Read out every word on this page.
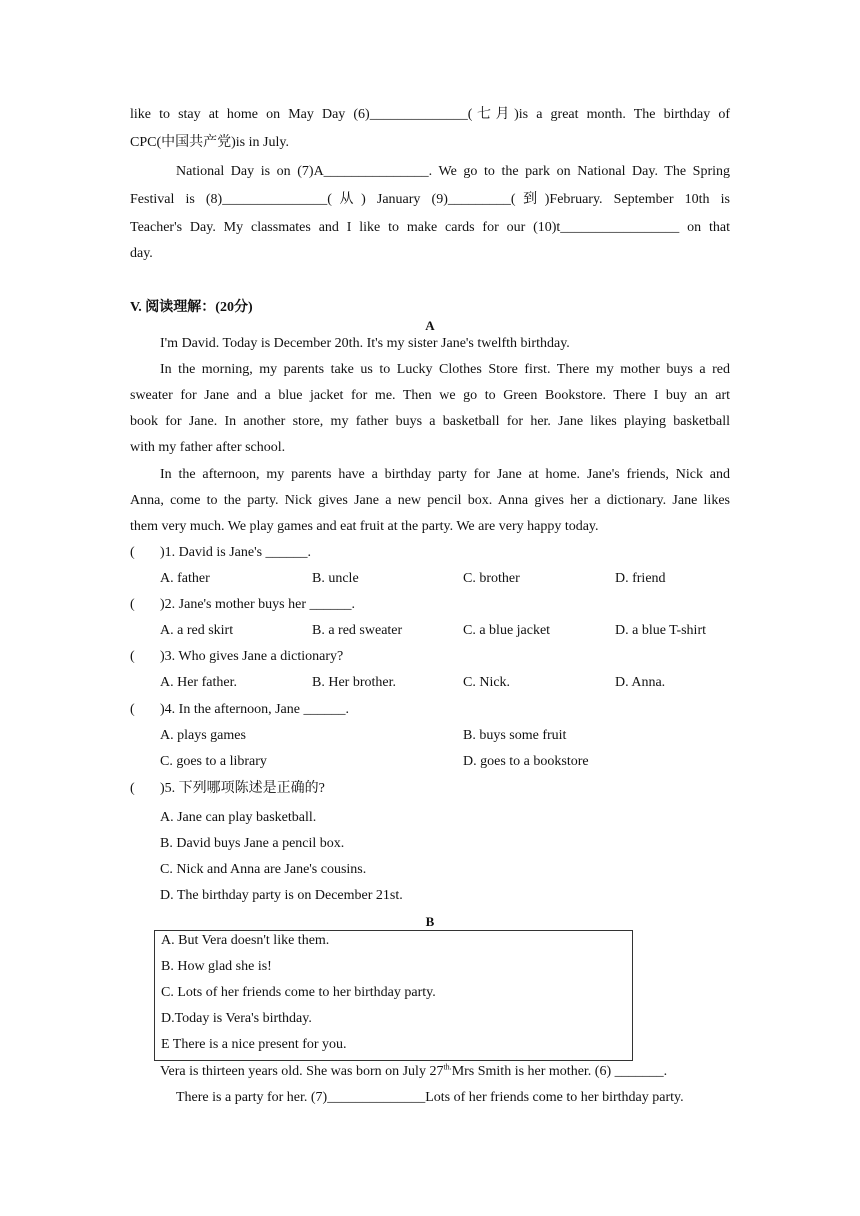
like to stay at home on May Day (6)______________(七月)is a great month. The birthday of
CPC(中国共产党)is in July.
National Day is on (7)A_______________. We go to the park on National Day. The Spring
Festival is (8)_______________(从) January (9)_________(到)February. September 10th is
Teacher's Day. My classmates and I like to make cards for our (10)t_________________ on that
day.
V. 阅读理解：(20分)
A
I'm David. Today is December 20th. It's my sister Jane's twelfth birthday.
In the morning, my parents take us to Lucky Clothes Store first. There my mother buys a red
sweater for Jane and a blue jacket for me. Then we go to Green Bookstore. There I buy an art
book for Jane. In another store, my father buys a basketball for her. Jane likes playing basketball
with my father after school.
In the afternoon, my parents have a birthday party for Jane at home. Jane's friends, Nick and
Anna, come to the party. Nick gives Jane a new pencil box. Anna gives her a dictionary. Jane likes
them very much. We play games and eat fruit at the party. We are very happy today.
( )1. David is Jane's ______.
A. father	B. uncle	C. brother	D. friend
( )2. Jane's mother buys her ______.
A. a red skirt	B. a red sweater	C. a blue jacket	D. a blue T-shirt
( )3. Who gives Jane a dictionary?
A. Her father.	B. Her brother.	C. Nick.	D. Anna.
( )4. In the afternoon, Jane ______.
A. plays games	B. buys some fruit
C. goes to a library	D. goes to a bookstore
( )5. 下列哪项陈述是正确的?
A. Jane can play basketball.
B. David buys Jane a pencil box.
C. Nick and Anna are Jane's cousins.
D. The birthday party is on December 21st.
B
A. But Vera doesn't like them.
B. How glad she is!
C. Lots of her friends come to her birthday party.
D.Today is Vera's birthday.
E There is a nice present for you.
Vera is thirteen years old. She was born on July $27^{th.}Mrs$ Smith is her mother. (6) _______.
There is a party for her. (7)______________Lots of her friends come to her birthday party.
